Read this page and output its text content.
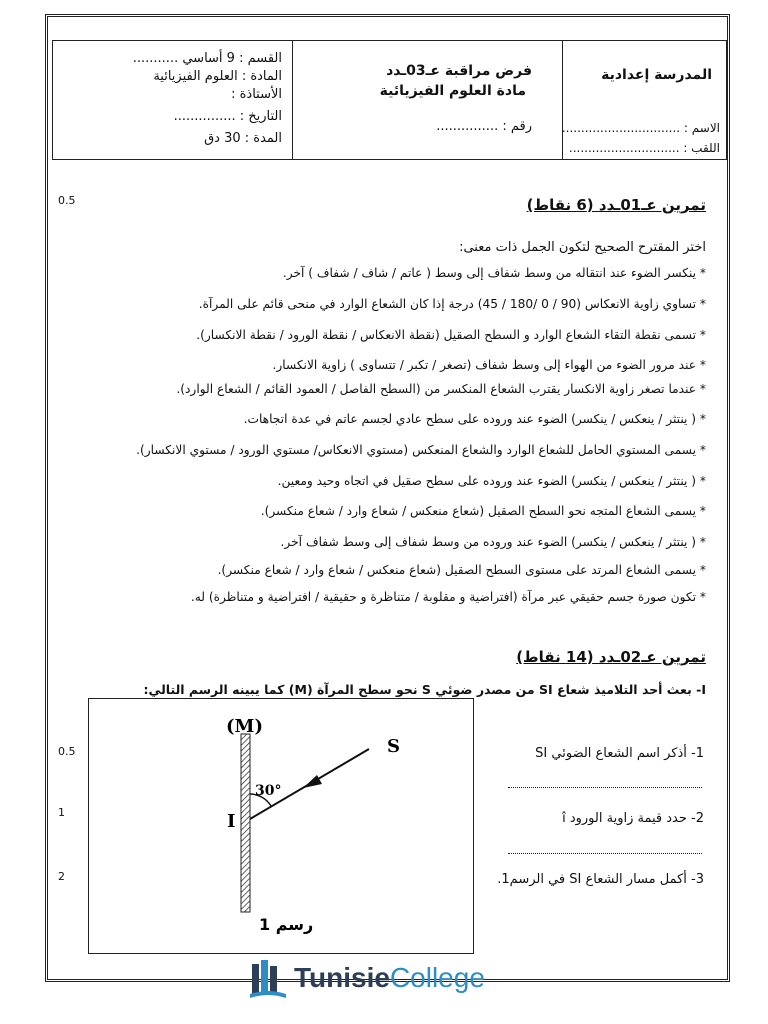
القسم : 9 أساسي ...........
المادة : العلوم الفيزيائية
الأستاذة :
التاريخ : ...............
المدة : 30 دق
فرض مراقبة عـ03ـدد
مادة العلوم الفيزيائية
رقم : ...............
المدرسة إعدادية
الاسم : ...............................
اللقب : .............................
0.5	تمرين عـ01ـدد (6 نقاط)
اختر المقترح الصحيح لتكون الجمل ذات معنى:
* ينكسر الضوء عند انتقاله من وسط شفاف إلى وسط ( عاتم / شاف / شفاف ) آخر.
* تساوي زاوية الانعكاس (90 / 0 /180 / 45) درجة إذا كان الشعاع الوارد في منحى قائم على المرآة.
* تسمى نقطة التقاء الشعاع الوارد و السطح الصقيل (نقطة الانعكاس / نقطة الورود / نقطة الانكسار).
* عند مرور الضوء من الهواء إلى وسط شفاف (تصغر / تكبر / تتساوى ) زاوية الانكسار.
* عندما تصغر زاوية الانكسار يقترب الشعاع المنكسر من (السطح الفاصل / العمود القائم / الشعاع الوارد).
* ( ينتثر / ينعكس / ينكسر) الضوء عند وروده على سطح عادي لجسم عاتم في عدة اتجاهات.
* يسمى المستوي الحامل للشعاع الوارد والشعاع المنعكس (مستوي الانعكاس/ مستوي الورود / مستوي الانكسار).
* ( ينتثر / ينعكس / ينكسر) الضوء عند وروده على سطح صقيل في اتجاه وحيد ومعين.
* يسمى الشعاع المتجه نحو السطح الصقيل (شعاع منعكس / شعاع وارد / شعاع منكسر).
* ( ينتثر / ينعكس / ينكسر) الضوء عند وروده من وسط شفاف إلى وسط شفاف آخر.
* يسمى الشعاع المرتد على مستوى السطح الصقيل (شعاع منعكس / شعاع وارد / شعاع منكسر).
* تكون صورة جسم حقيقي عبر مرآة (افتراضية و مقلوبة / متناظرة و حقيقية / افتراضية و متناظرة) له.
تمرين عـ02ـدد (14 نقاط)
I- بعث أحد التلاميذ شعاع SI من مصدر ضوئي S نحو سطح المرآة (M) كما يبينه الرسم التالي:
(M)
S
I
30°
رسم 1
0.5
1
2
1- أذكر اسم الشعاع الضوئي SI
2- حدد قيمة زاوية الورود î
3- أكمل مسار الشعاع SI في الرسم1.
TunisieCollege
